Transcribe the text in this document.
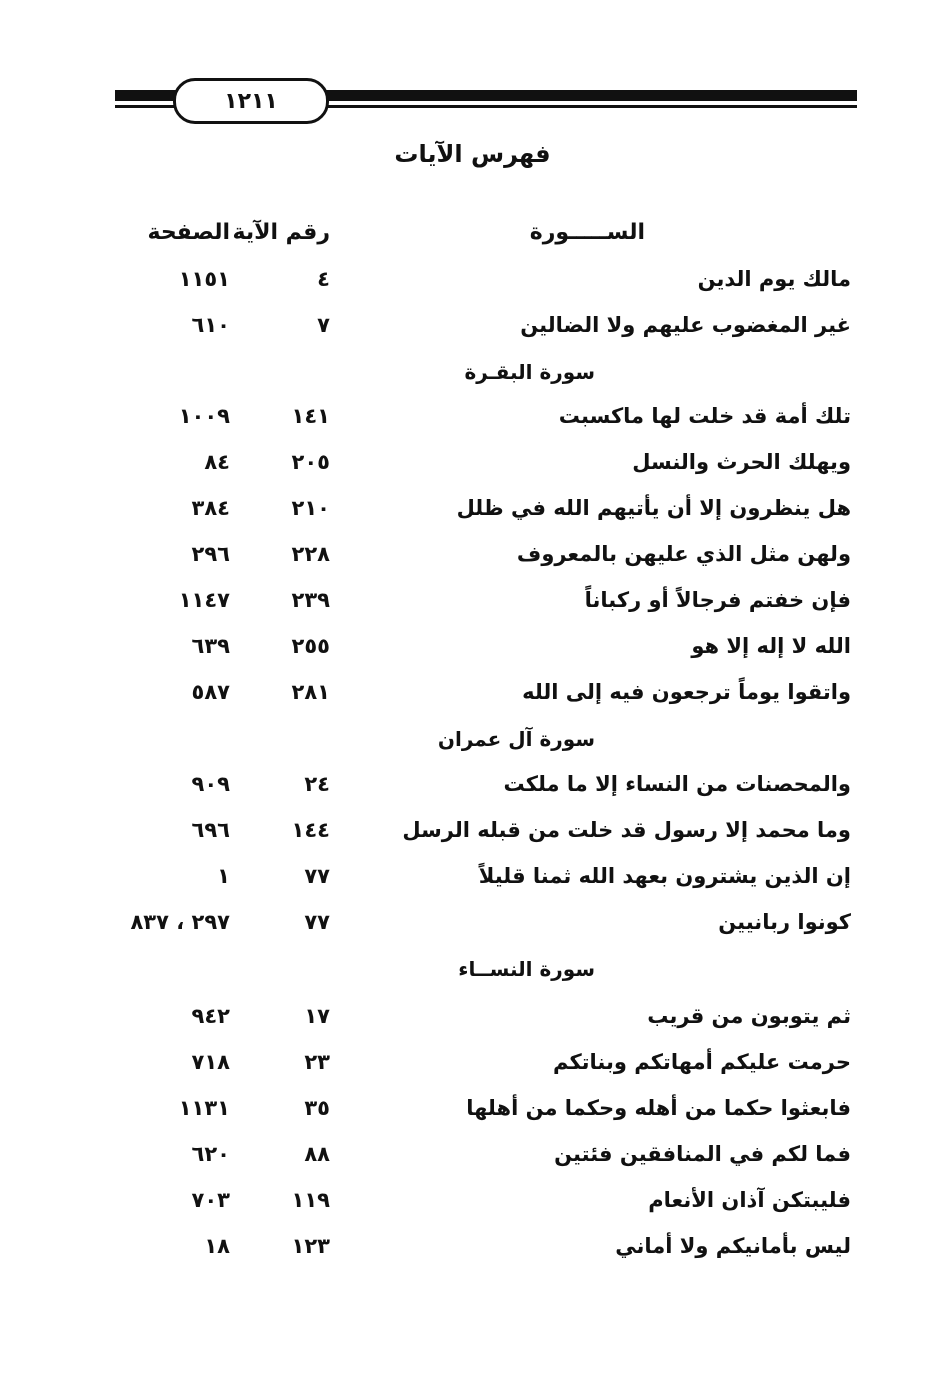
١٢١١
فهرس الآيات
الســـــورة
رقم الآية
الصفحة
مالك يوم الدين
٤
١١٥١
غير المغضوب عليهم ولا الضالين
٧
٦١٠
سورة البقـرة
تلك أمة قد خلت لها ماكسبت
١٤١
١٠٠٩
ويهلك الحرث والنسل
٢٠٥
٨٤
هل ينظرون إلا أن يأتيهم الله في ظلل
٢١٠
٣٨٤
ولهن مثل الذي عليهن بالمعروف
٢٢٨
٢٩٦
فإن خفتم فرجالاً أو ركباناً
٢٣٩
١١٤٧
الله لا إله إلا هو
٢٥٥
٦٣٩
واتقوا يوماً ترجعون فيه إلى الله
٢٨١
٥٨٧
سورة آل عمران
والمحصنات من النساء إلا ما ملكت
٢٤
٩٠٩
وما محمد إلا رسول قد خلت من قبله الرسل
١٤٤
٦٩٦
إن الذين يشترون بعهد الله ثمنا قليلاً
٧٧
١
كونوا ربانيين
٧٧
٢٩٧ ، ٨٣٧
سورة النســاء
ثم يتوبون من قريب
١٧
٩٤٢
حرمت عليكم أمهاتكم وبناتكم
٢٣
٧١٨
فابعثوا حكما من أهله وحكما من أهلها
٣٥
١١٣١
فما لكم في المنافقين فئتين
٨٨
٦٢٠
فليبتكن آذان الأنعام
١١٩
٧٠٣
ليس بأمانيكم ولا أماني
١٢٣
١٨
